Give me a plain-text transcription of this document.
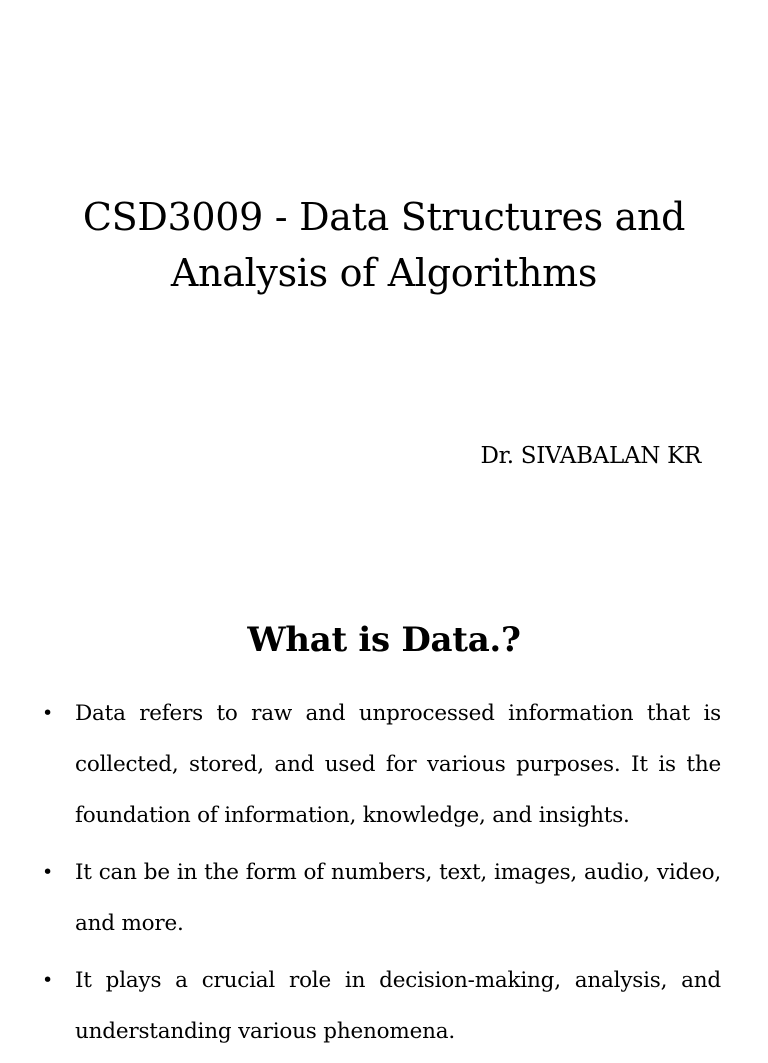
CSD3009 - Data Structures and
Analysis of Algorithms
Dr. SIVABALAN KR
What is Data.?
• Data refers to raw and unprocessed information that is collected, stored, and used for various purposes. It is the foundation of information, knowledge, and insights.
• It can be in the form of numbers, text, images, audio, video, and more.
• It plays a crucial role in decision-making, analysis, and understanding various phenomena.
